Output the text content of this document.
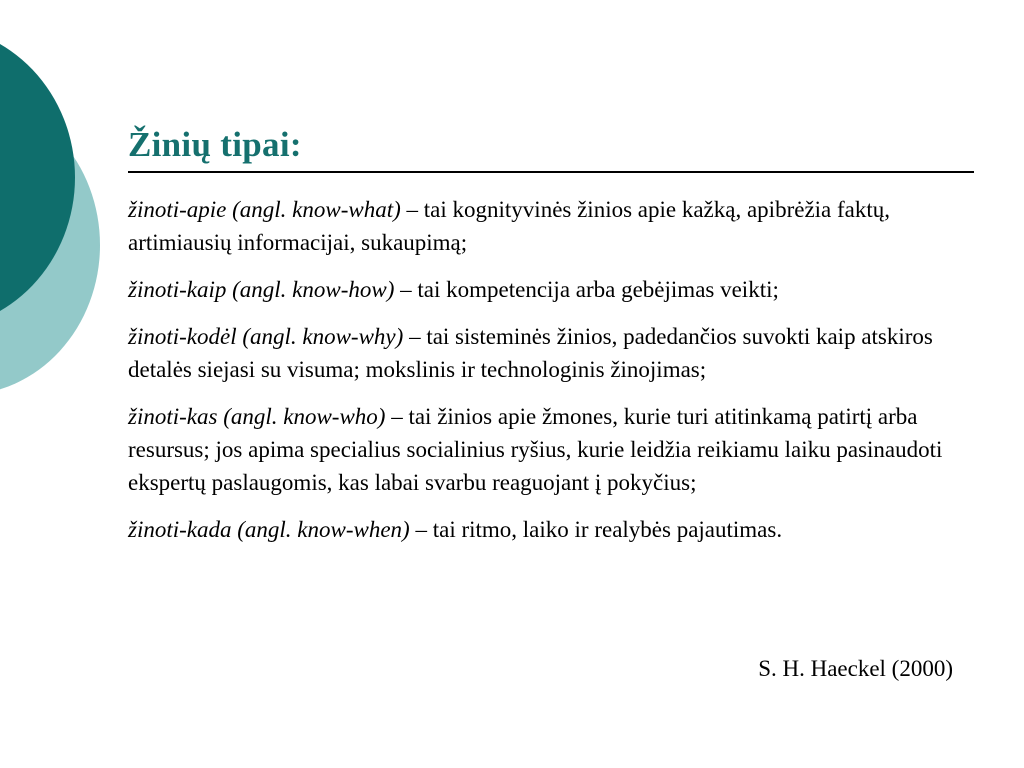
Žinių tipai:

žinoti-apie (angl. know-what) – tai kognityvinės žinios apie kažką, apibrėžia faktų, artimiausių informacijai, sukaupimą;

žinoti-kaip (angl. know-how) – tai kompetencija arba gebėjimas veikti;

žinoti-kodėl (angl. know-why) – tai sisteminės žinios, padedančios suvokti kaip atskiros detalės siejasi su visuma; mokslinis ir technologinis žinojimas;

žinoti-kas (angl. know-who) – tai žinios apie žmones, kurie turi atitinkamą patirtį arba resursus; jos apima specialius socialinius ryšius, kurie leidžia reikiamu laiku pasinaudoti ekspertų paslaugomis, kas labai svarbu reaguojant į pokyčius;

žinoti-kada (angl. know-when) – tai ritmo, laiko ir realybės pajautimas.

S. H. Haeckel (2000)
